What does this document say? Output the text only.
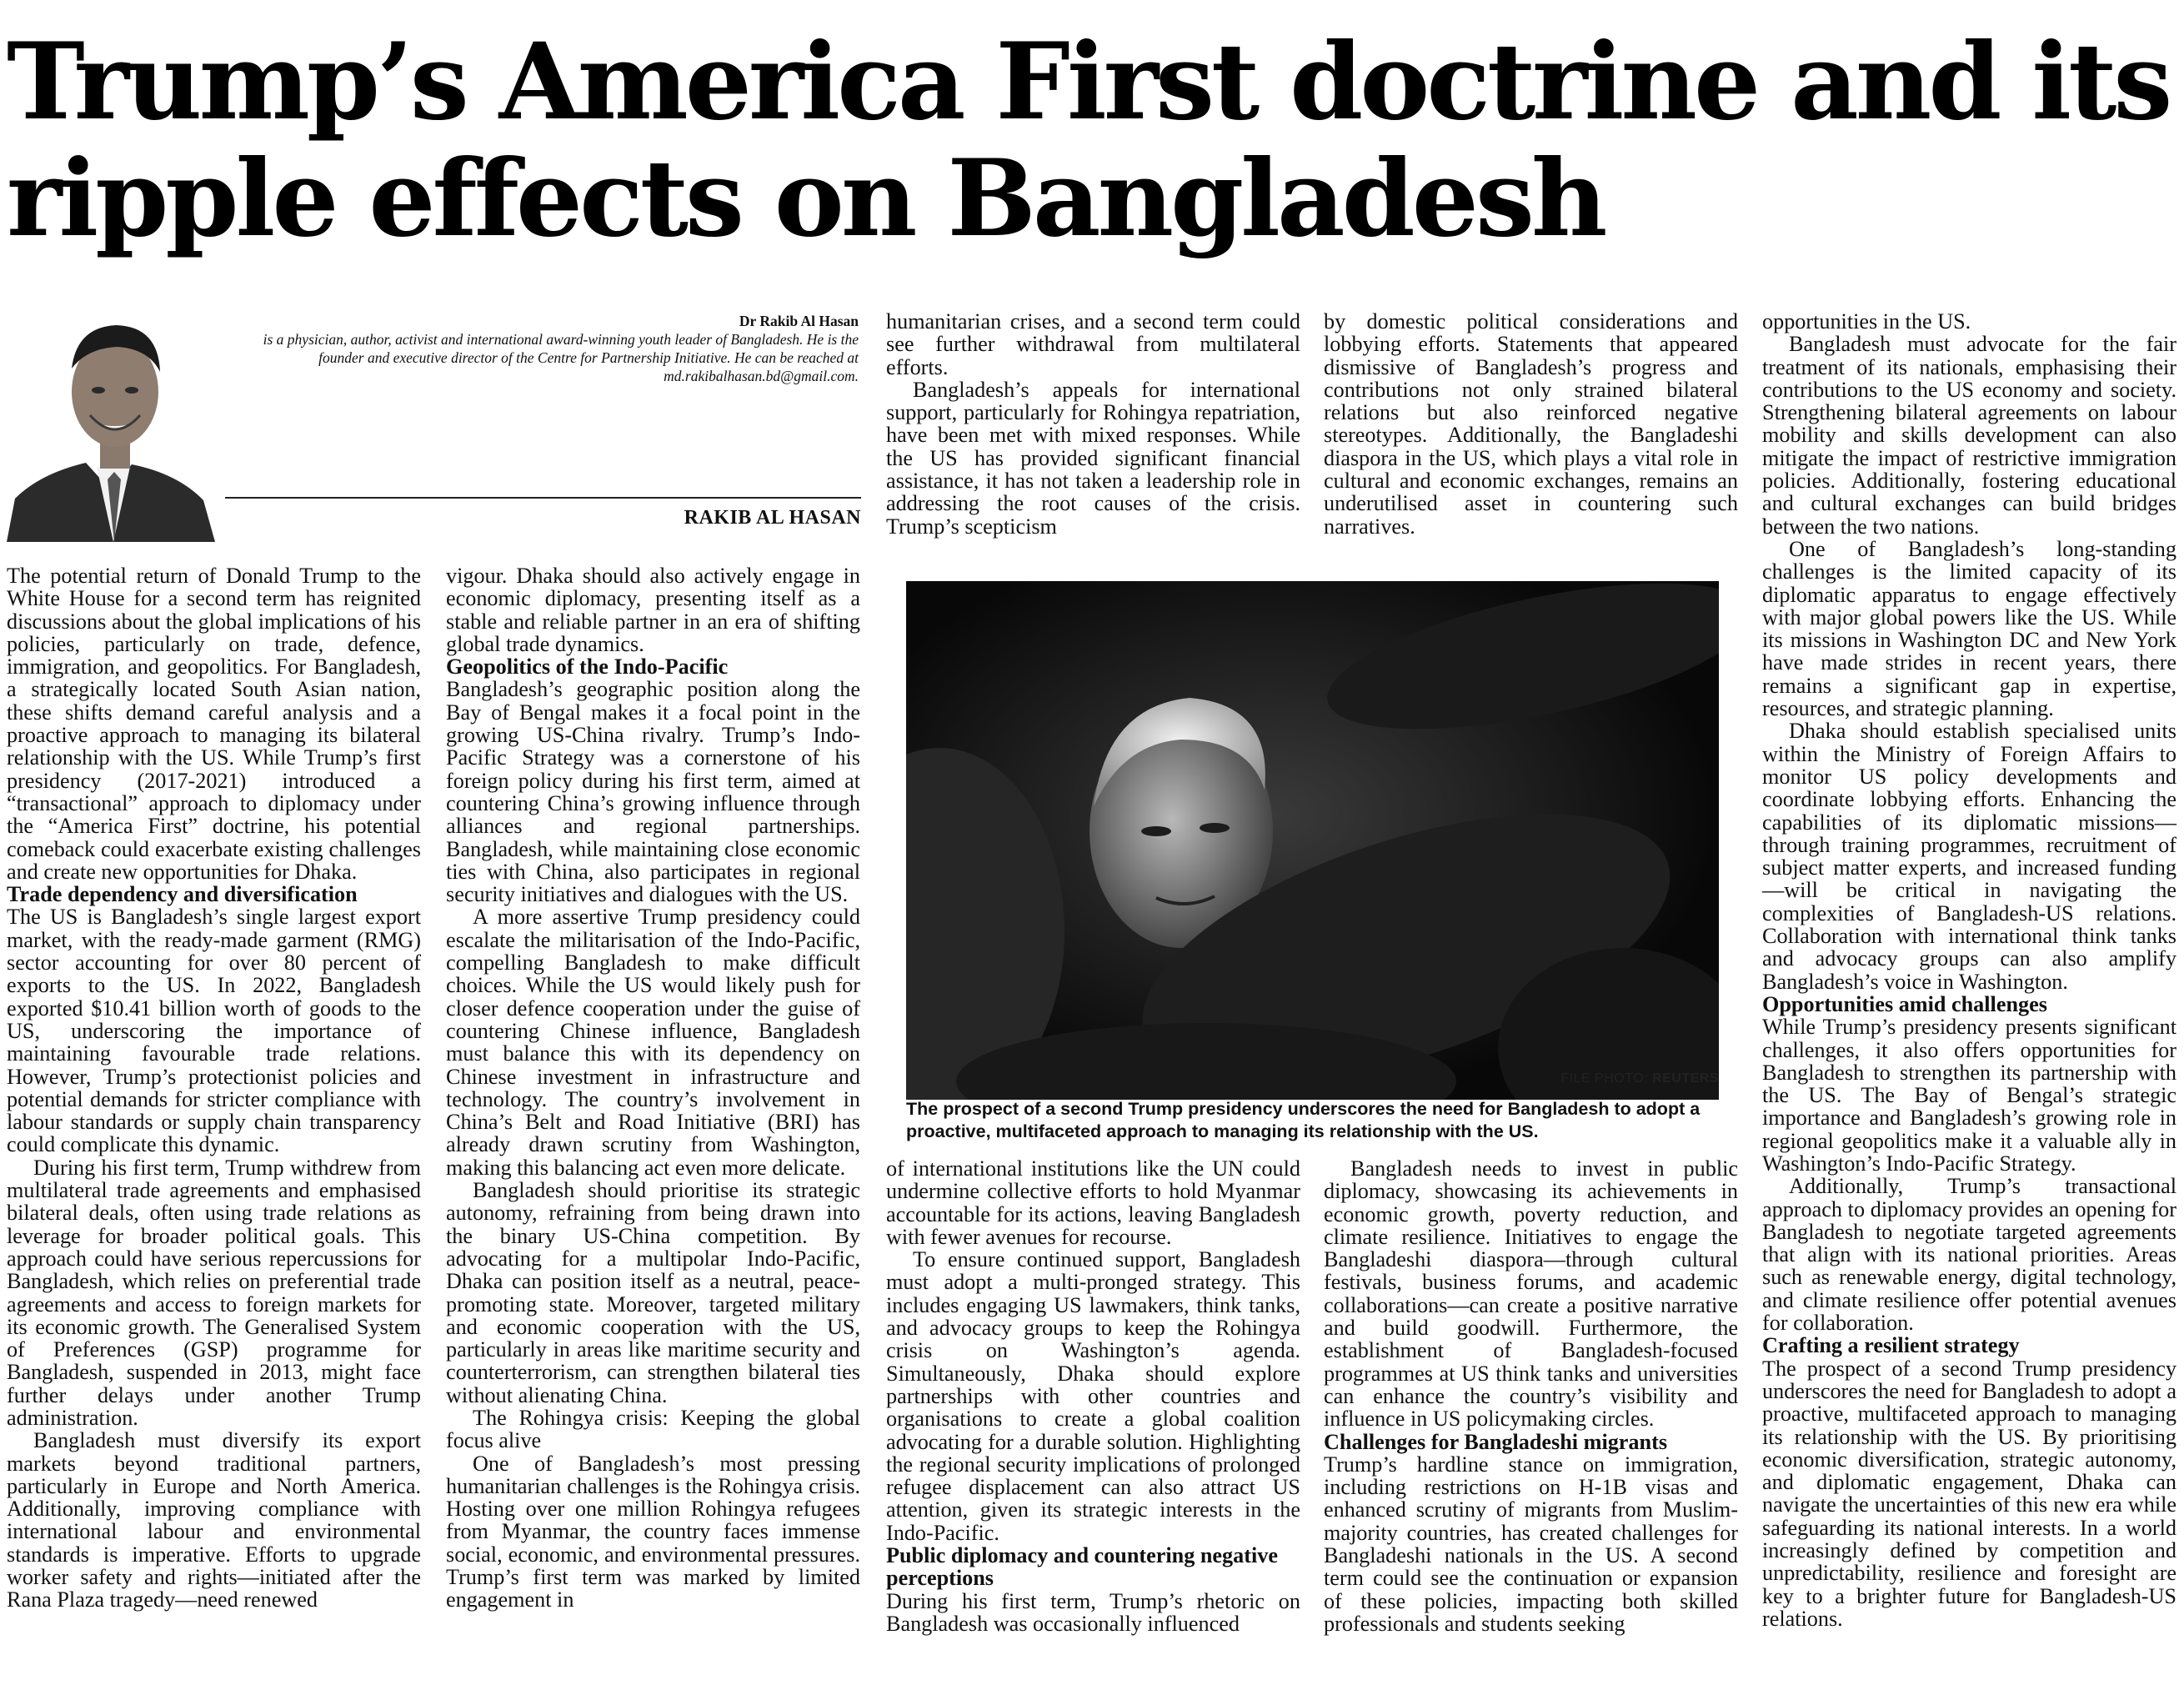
Trump’s America First doctrine and its ripple effects on Bangladesh
Dr Rakib Al Hasan
is a physician, author, activist and international award-winning youth leader of Bangladesh. He is the founder and executive director of the Centre for Partnership Initiative. He can be reached at md.rakibalhasan.bd@gmail.com.
RAKIB AL HASAN

The potential return of Donald Trump to the White House for a second term has reignited discussions about the global implications of his policies, particularly on trade, defence, immigration, and geopolitics. For Bangladesh, a strategically located South Asian nation, these shifts demand careful analysis and a proactive approach to managing its bilateral relationship with the US. While Trump’s first presidency (2017-2021) introduced a “transactional” approach to diplomacy under the “America First” doctrine, his potential comeback could exacerbate existing challenges and create new opportunities for Dhaka.

Trade dependency and diversification

The US is Bangladesh’s single largest export market, with the ready-made garment (RMG) sector accounting for over 80 percent of exports to the US. In 2022, Bangladesh exported $10.41 billion worth of goods to the US, underscoring the importance of maintaining favourable trade relations. However, Trump’s protectionist policies and potential demands for stricter compliance with labour standards or supply chain transparency could complicate this dynamic.

During his first term, Trump withdrew from multilateral trade agreements and emphasised bilateral deals, often using trade relations as leverage for broader political goals. This approach could have serious repercussions for Bangladesh, which relies on preferential trade agreements and access to foreign markets for its economic growth. The Generalised System of Preferences (GSP) programme for Bangladesh, suspended in 2013, might face further delays under another Trump administration.

Bangladesh must diversify its export markets beyond traditional partners, particularly in Europe and North America. Additionally, improving compliance with international labour and environmental standards is imperative. Efforts to upgrade worker safety and rights—initiated after the Rana Plaza tragedy—need renewed

vigour. Dhaka should also actively engage in economic diplomacy, presenting itself as a stable and reliable partner in an era of shifting global trade dynamics.

Geopolitics of the Indo-Pacific

Bangladesh’s geographic position along the Bay of Bengal makes it a focal point in the growing US-China rivalry. Trump’s Indo-Pacific Strategy was a cornerstone of his foreign policy during his first term, aimed at countering China’s growing influence through alliances and regional partnerships. Bangladesh, while maintaining close economic ties with China, also participates in regional security initiatives and dialogues with the US.

A more assertive Trump presidency could escalate the militarisation of the Indo-Pacific, compelling Bangladesh to make difficult choices. While the US would likely push for closer defence cooperation under the guise of countering Chinese influence, Bangladesh must balance this with its dependency on Chinese investment in infrastructure and technology. The country’s involvement in China’s Belt and Road Initiative (BRI) has already drawn scrutiny from Washington, making this balancing act even more delicate.

Bangladesh should prioritise its strategic autonomy, refraining from being drawn into the binary US-China competition. By advocating for a multipolar Indo-Pacific, Dhaka can position itself as a neutral, peace-promoting state. Moreover, targeted military and economic cooperation with the US, particularly in areas like maritime security and counterterrorism, can strengthen bilateral ties without alienating China.

The Rohingya crisis: Keeping the global focus alive

One of Bangladesh’s most pressing humanitarian challenges is the Rohingya crisis. Hosting over one million Rohingya refugees from Myanmar, the country faces immense social, economic, and environmental pressures. Trump’s first term was marked by limited engagement in

humanitarian crises, and a second term could see further withdrawal from multilateral efforts.

Bangladesh’s appeals for international support, particularly for Rohingya repatriation, have been met with mixed responses. While the US has provided significant financial assistance, it has not taken a leadership role in addressing the root causes of the crisis. Trump’s scepticism

by domestic political considerations and lobbying efforts. Statements that appeared dismissive of Bangladesh’s progress and contributions not only strained bilateral relations but also reinforced negative stereotypes. Additionally, the Bangladeshi diaspora in the US, which plays a vital role in cultural and economic exchanges, remains an underutilised asset in countering such narratives.

FILE PHOTO: REUTERS
The prospect of a second Trump presidency underscores the need for Bangladesh to adopt a proactive, multifaceted approach to managing its relationship with the US.

of international institutions like the UN could undermine collective efforts to hold Myanmar accountable for its actions, leaving Bangladesh with fewer avenues for recourse.

To ensure continued support, Bangladesh must adopt a multi-pronged strategy. This includes engaging US lawmakers, think tanks, and advocacy groups to keep the Rohingya crisis on Washington’s agenda. Simultaneously, Dhaka should explore partnerships with other countries and organisations to create a global coalition advocating for a durable solution. Highlighting the regional security implications of prolonged refugee displacement can also attract US attention, given its strategic interests in the Indo-Pacific.

Public diplomacy and countering negative perceptions

During his first term, Trump’s rhetoric on Bangladesh was occasionally influenced

Bangladesh needs to invest in public diplomacy, showcasing its achievements in economic growth, poverty reduction, and climate resilience. Initiatives to engage the Bangladeshi diaspora—through cultural festivals, business forums, and academic collaborations—can create a positive narrative and build goodwill. Furthermore, the establishment of Bangladesh-focused programmes at US think tanks and universities can enhance the country’s visibility and influence in US policymaking circles.

Challenges for Bangladeshi migrants

Trump’s hardline stance on immigration, including restrictions on H-1B visas and enhanced scrutiny of migrants from Muslim-majority countries, has created challenges for Bangladeshi nationals in the US. A second term could see the continuation or expansion of these policies, impacting both skilled professionals and students seeking

opportunities in the US.

Bangladesh must advocate for the fair treatment of its nationals, emphasising their contributions to the US economy and society. Strengthening bilateral agreements on labour mobility and skills development can also mitigate the impact of restrictive immigration policies. Additionally, fostering educational and cultural exchanges can build bridges between the two nations.

One of Bangladesh’s long-standing challenges is the limited capacity of its diplomatic apparatus to engage effectively with major global powers like the US. While its missions in Washington DC and New York have made strides in recent years, there remains a significant gap in expertise, resources, and strategic planning.

Dhaka should establish specialised units within the Ministry of Foreign Affairs to monitor US policy developments and coordinate lobbying efforts. Enhancing the capabilities of its diplomatic missions—through training programmes, recruitment of subject matter experts, and increased funding—will be critical in navigating the complexities of Bangladesh-US relations. Collaboration with international think tanks and advocacy groups can also amplify Bangladesh’s voice in Washington.

Opportunities amid challenges

While Trump’s presidency presents significant challenges, it also offers opportunities for Bangladesh to strengthen its partnership with the US. The Bay of Bengal’s strategic importance and Bangladesh’s growing role in regional geopolitics make it a valuable ally in Washington’s Indo-Pacific Strategy.

Additionally, Trump’s transactional approach to diplomacy provides an opening for Bangladesh to negotiate targeted agreements that align with its national priorities. Areas such as renewable energy, digital technology, and climate resilience offer potential avenues for collaboration.

Crafting a resilient strategy

The prospect of a second Trump presidency underscores the need for Bangladesh to adopt a proactive, multifaceted approach to managing its relationship with the US. By prioritising economic diversification, strategic autonomy, and diplomatic engagement, Dhaka can navigate the uncertainties of this new era while safeguarding its national interests. In a world increasingly defined by competition and unpredictability, resilience and foresight are key to a brighter future for Bangladesh-US relations.
